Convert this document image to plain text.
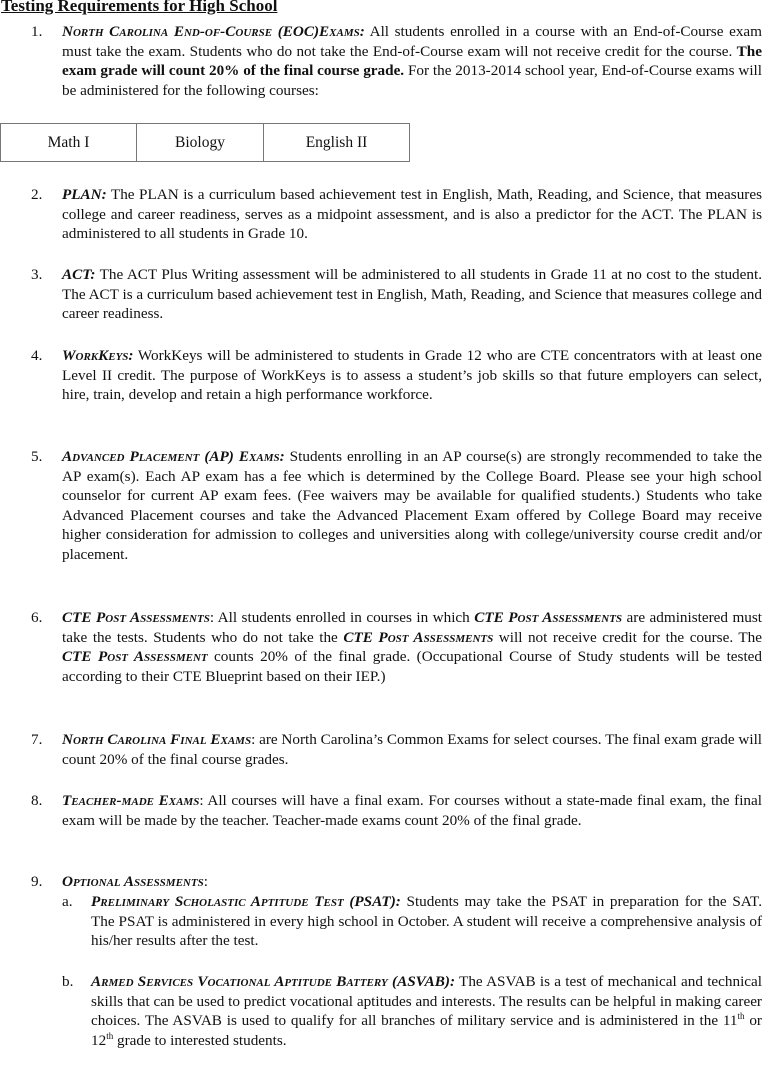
Testing Requirements for High School
1. North Carolina End-of-Course (EOC)Exams: All students enrolled in a course with an End-of-Course exam must take the exam. Students who do not take the End-of-Course exam will not receive credit for the course. The exam grade will count 20% of the final course grade. For the 2013-2014 school year, End-of-Course exams will be administered for the following courses:
Math I	Biology	English II
2. PLAN: The PLAN is a curriculum based achievement test in English, Math, Reading, and Science, that measures college and career readiness, serves as a midpoint assessment, and is also a predictor for the ACT. The PLAN is administered to all students in Grade 10.
3. ACT: The ACT Plus Writing assessment will be administered to all students in Grade 11 at no cost to the student. The ACT is a curriculum based achievement test in English, Math, Reading, and Science that measures college and career readiness.
4. WorkKeys: WorkKeys will be administered to students in Grade 12 who are CTE concentrators with at least one Level II credit. The purpose of WorkKeys is to assess a student’s job skills so that future employers can select, hire, train, develop and retain a high performance workforce.
5. Advanced Placement (AP) Exams: Students enrolling in an AP course(s) are strongly recommended to take the AP exam(s). Each AP exam has a fee which is determined by the College Board. Please see your high school counselor for current AP exam fees. (Fee waivers may be available for qualified students.) Students who take Advanced Placement courses and take the Advanced Placement Exam offered by College Board may receive higher consideration for admission to colleges and universities along with college/university course credit and/or placement.
6. CTE Post Assessments: All students enrolled in courses in which CTE Post Assessments are administered must take the tests. Students who do not take the CTE Post Assessments will not receive credit for the course. The CTE Post Assessment counts 20% of the final grade. (Occupational Course of Study students will be tested according to their CTE Blueprint based on their IEP.)
7. North Carolina Final Exams: are North Carolina’s Common Exams for select courses. The final exam grade will count 20% of the final course grades.
8. Teacher-made Exams: All courses will have a final exam. For courses without a state-made final exam, the final exam will be made by the teacher. Teacher-made exams count 20% of the final grade.
9. Optional Assessments:
a. Preliminary Scholastic Aptitude Test (PSAT): Students may take the PSAT in preparation for the SAT. The PSAT is administered in every high school in October. A student will receive a comprehensive analysis of his/her results after the test.
b. Armed Services Vocational Aptitude Battery (ASVAB): The ASVAB is a test of mechanical and technical skills that can be used to predict vocational aptitudes and interests. The results can be helpful in making career choices. The ASVAB is used to qualify for all branches of military service and is administered in the 11th or 12th grade to interested students.
